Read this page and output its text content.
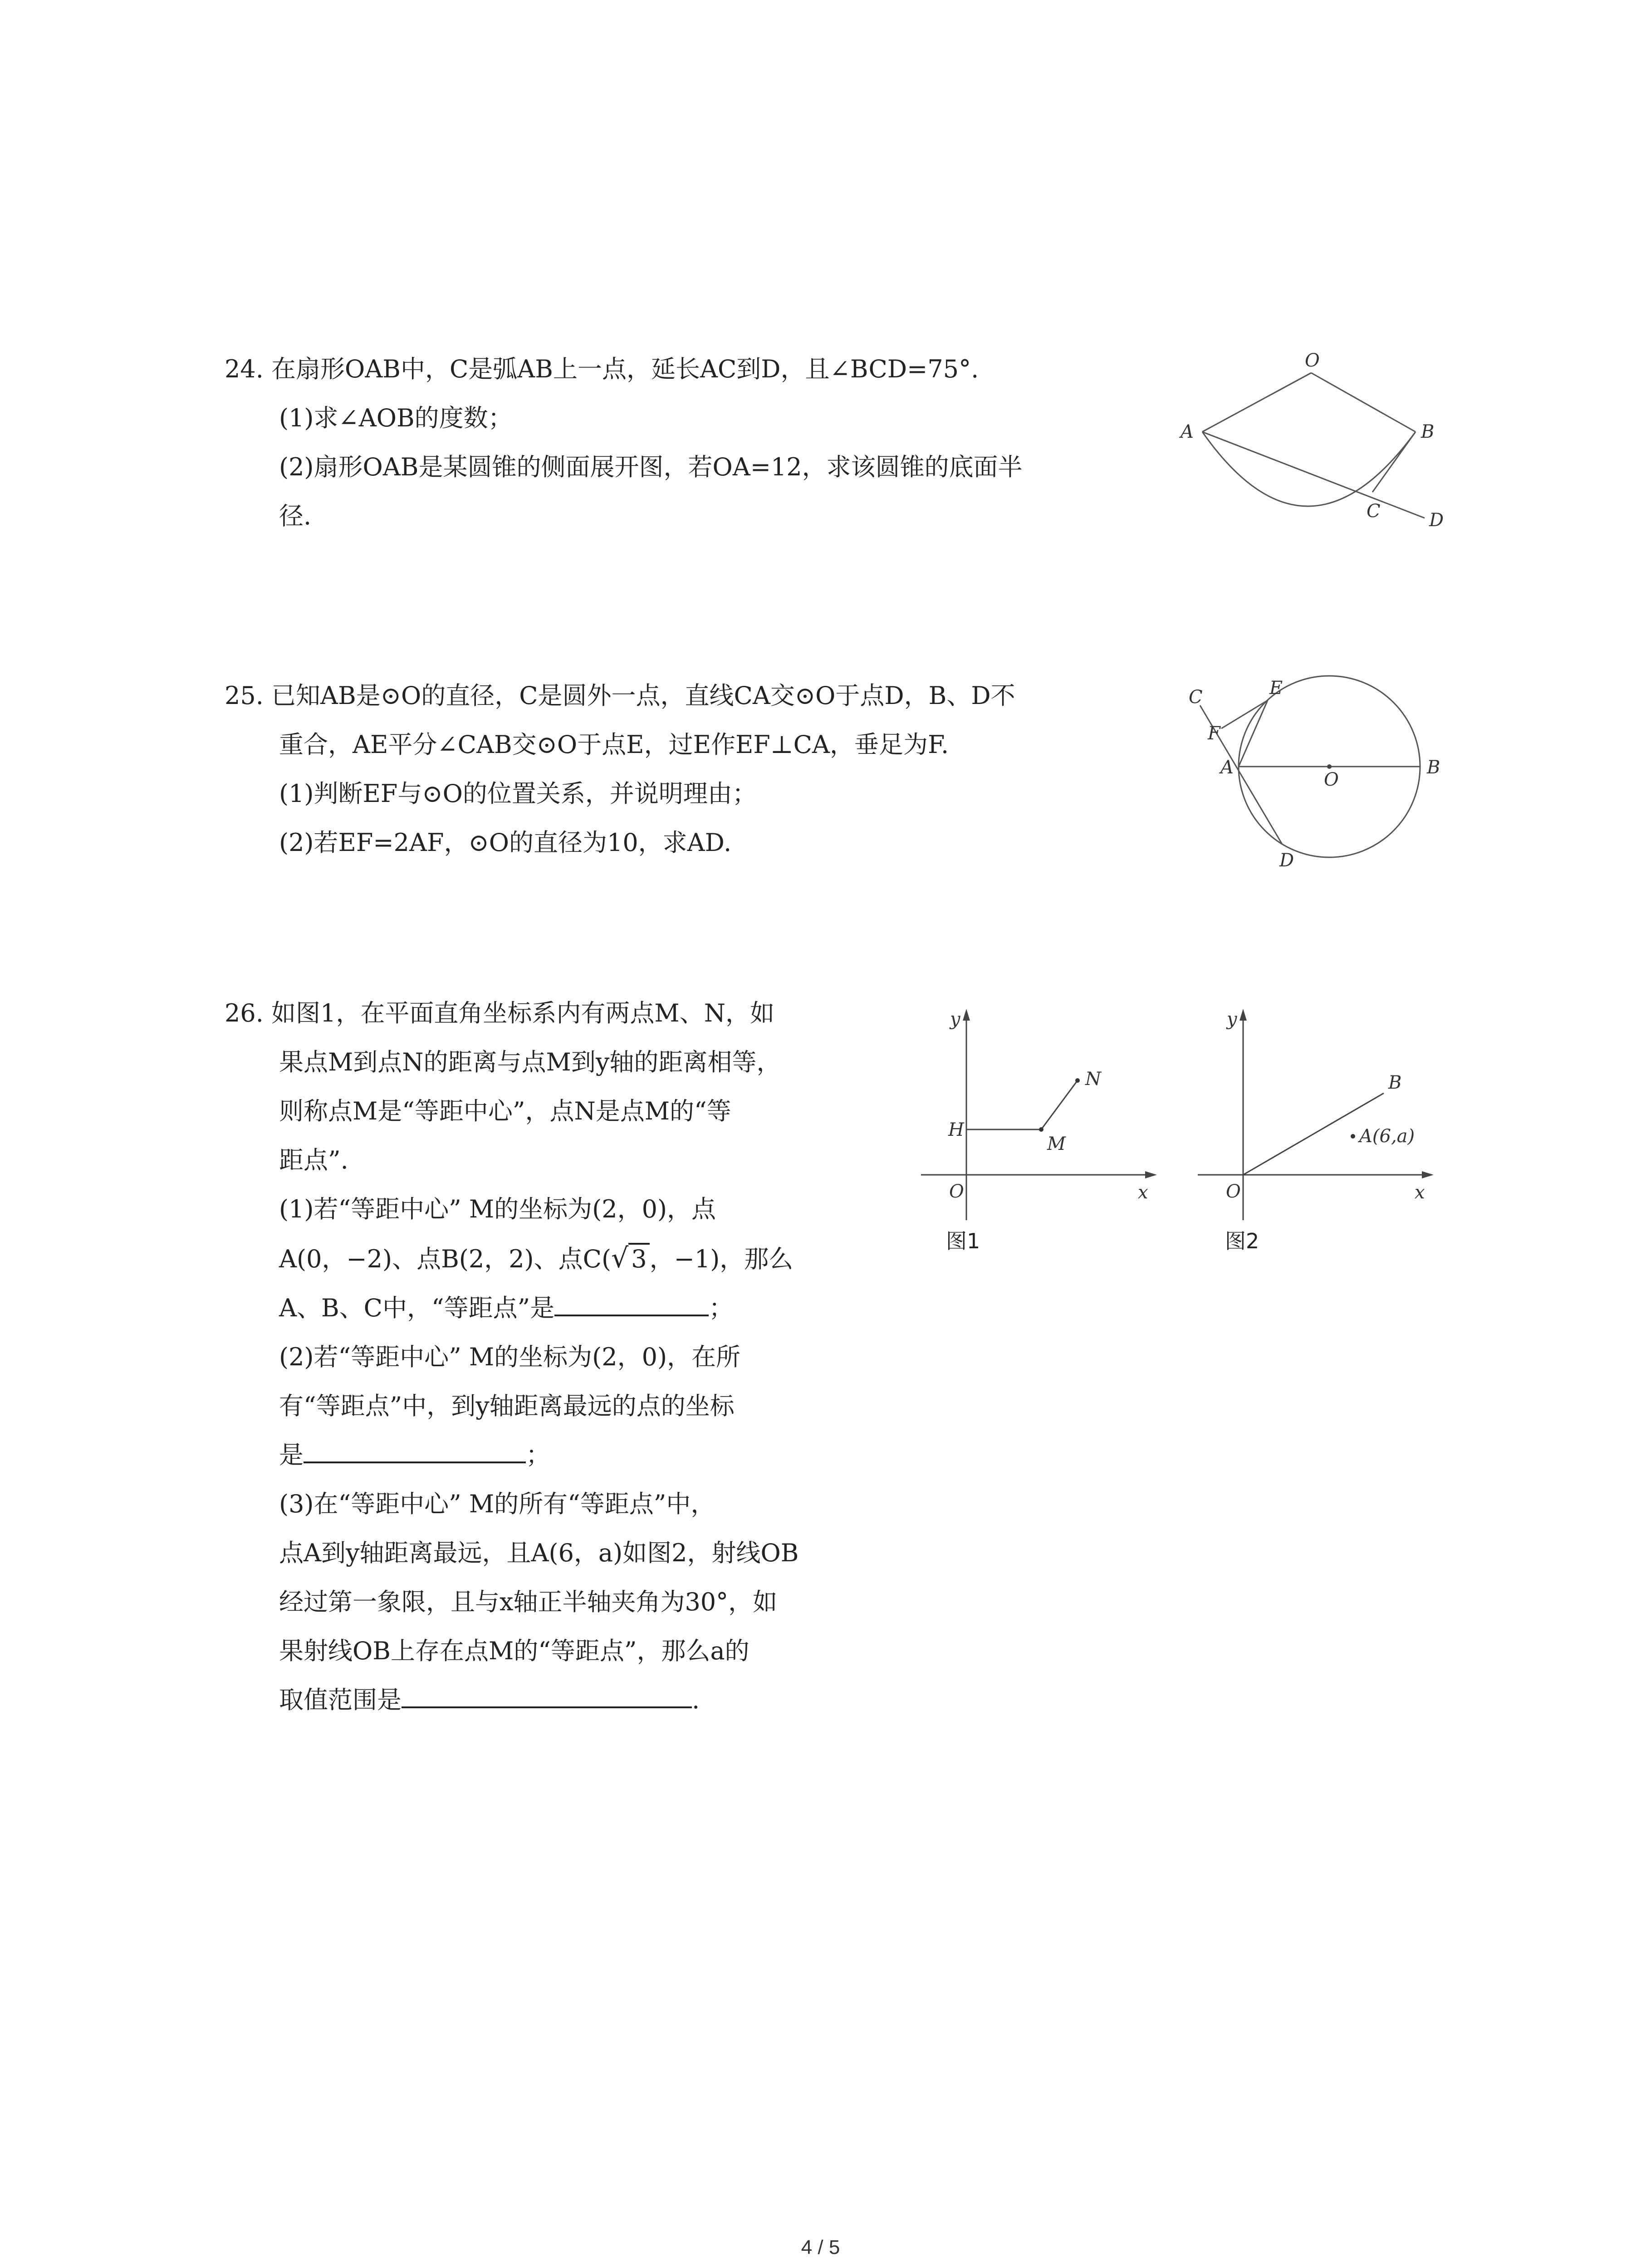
24. 在扇形OAB中，C是弧AB上一点，延长AC到D，且∠BCD=75°.
(1)求∠AOB的度数；
(2)扇形OAB是某圆锥的侧面展开图，若OA=12，求该圆锥的底面半
径.
O
A	B
C	D
25. 已知AB是⊙O的直径，C是圆外一点，直线CA交⊙O于点D，B、D不
重合，AE平分∠CAB交⊙O于点E，过E作EF⊥CA，垂足为F.
(1)判断EF与⊙O的位置关系，并说明理由；
(2)若EF=2AF，⊙O的直径为10，求AD.
C	E
F
A
O
B
D
26. 如图1，在平面直角坐标系内有两点M、N，如
果点M到点N的距离与点M到y轴的距离相等，
则称点M是“等距中心”，点N是点M的“等
距点”.
(1)若“等距中心” M的坐标为(2，0)，点
A(0，−2)、点B(2，2)、点C(√ 3 ，−1)，那么
A、B、C中，“等距点”是	；
(2)若“等距中心” M的坐标为(2，0)，在所
有“等距点”中，到y轴距离最远的点的坐标
是	；
(3)在“等距中心” M的所有“等距点”中，
点A到y轴距离最远，且A(6，a)如图2，射线OB
经过第一象限，且与x轴正半轴夹角为30°，如
果射线OB上存在点M的“等距点”，那么a的
取值范围是	.
y
x
O
H
M
N
图1
y
x
O
B
A(6,a)
图2
4 / 5
